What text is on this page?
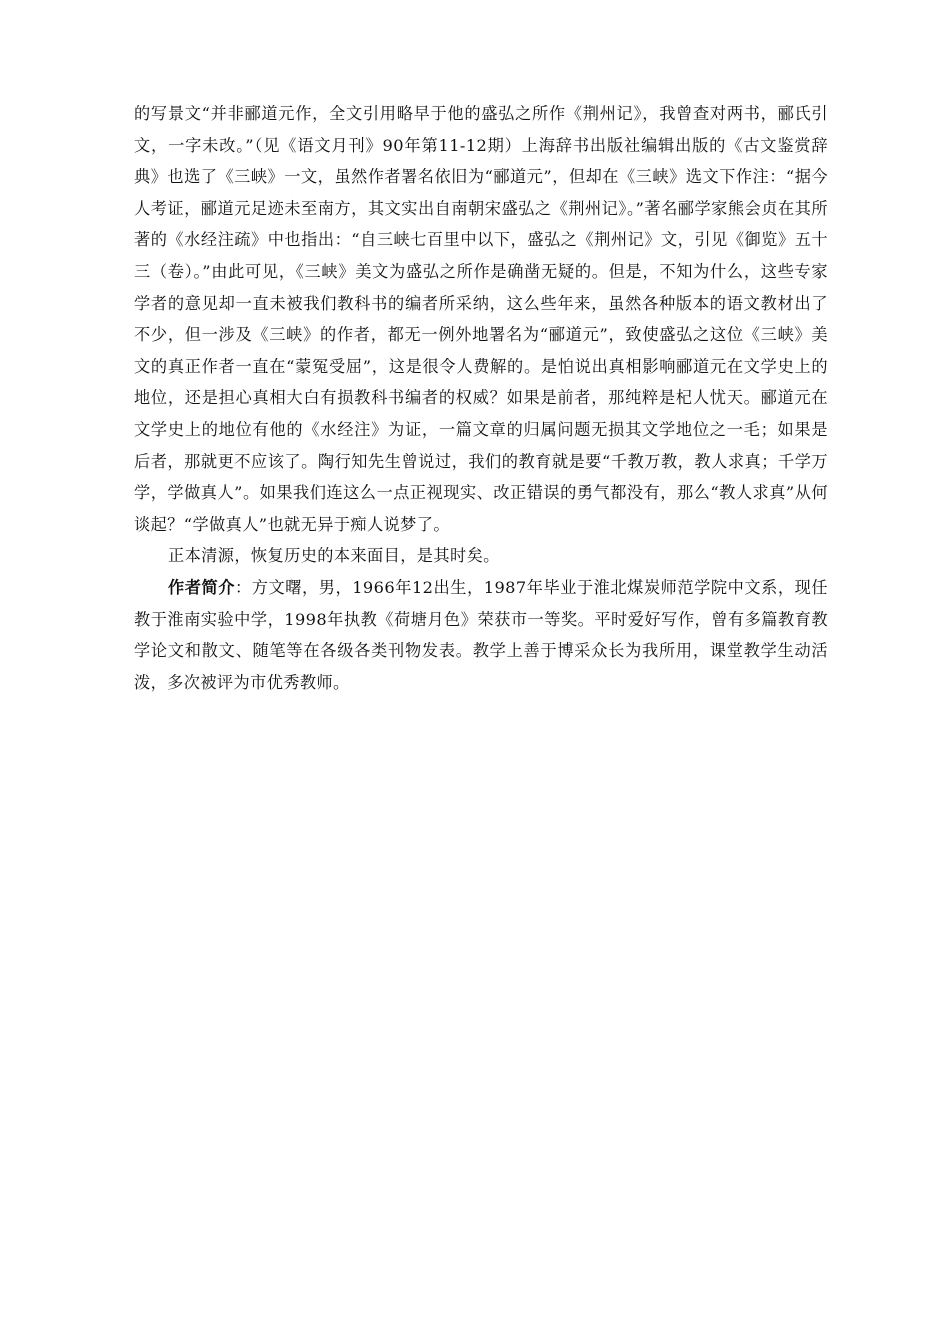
的写景文“并非郦道元作，全文引用略早于他的盛弘之所作《荆州记》，我曾查对两书，郦氏引文，一字未改。”（见《语文月刊》90年第11-12期）上海辞书出版社编辑出版的《古文鉴赏辞典》也选了《三峡》一文，虽然作者署名依旧为“郦道元”，但却在《三峡》选文下作注：“据今人考证，郦道元足迹未至南方，其文实出自南朝宋盛弘之《荆州记》。”著名郦学家熊会贞在其所著的《水经注疏》中也指出：“自三峡七百里中以下，盛弘之《荆州记》文，引见《御览》五十三（卷）。”由此可见，《三峡》美文为盛弘之所作是确凿无疑的。但是，不知为什么，这些专家学者的意见却一直未被我们教科书的编者所采纳，这么些年来，虽然各种版本的语文教材出了不少，但一涉及《三峡》的作者，都无一例外地署名为“郦道元”，致使盛弘之这位《三峡》美文的真正作者一直在“蒙冤受屈”，这是很令人费解的。是怕说出真相影响郦道元在文学史上的地位，还是担心真相大白有损教科书编者的权威？如果是前者，那纯粹是杞人忧天。郦道元在文学史上的地位有他的《水经注》为证，一篇文章的归属问题无损其文学地位之一毛；如果是后者，那就更不应该了。陶行知先生曾说过，我们的教育就是要“千教万教，教人求真；千学万学，学做真人”。如果我们连这么一点正视现实、改正错误的勇气都没有，那么“教人求真”从何谈起？“学做真人”也就无异于痴人说梦了。

正本清源，恢复历史的本来面目，是其时矣。

作者简介：方文曙，男，1966年12出生，1987年毕业于淮北煤炭师范学院中文系，现任教于淮南实验中学，1998年执教《荷塘月色》荣获市一等奖。平时爱好写作，曾有多篇教育教学论文和散文、随笔等在各级各类刊物发表。教学上善于博采众长为我所用，课堂教学生动活泼，多次被评为市优秀教师。
